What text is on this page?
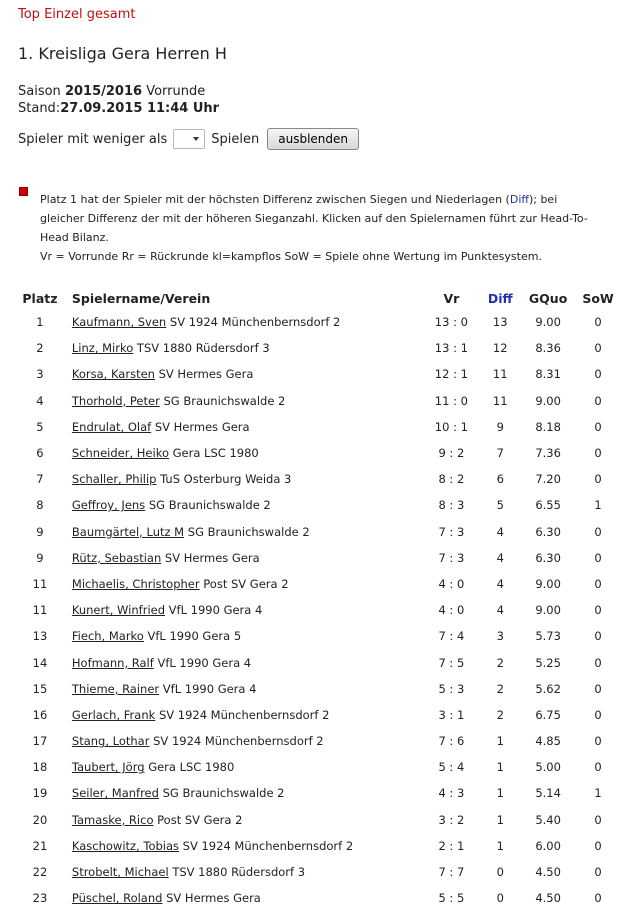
Top Einzel gesamt
1. Kreisliga Gera Herren H
Saison 2015/2016 Vorrunde
Stand:27.09.2015 11:44 Uhr
Spieler mit weniger als	Spielen	ausblenden
Platz 1 hat der Spieler mit der höchsten Differenz zwischen Siegen und Niederlagen (Diff); bei gleicher Differenz der mit der höheren Sieganzahl. Klicken auf den Spielernamen führt zur Head-To-Head Bilanz.
Vr = Vorrunde Rr = Rückrunde kl=kampflos SoW = Spiele ohne Wertung im Punktesystem.
Platz	Spielername/Verein	Vr	Diff	GQuo	SoW
1	Kaufmann, Sven SV 1924 Münchenbernsdorf 2	13 : 0	13	9.00	0
2	Linz, Mirko TSV 1880 Rüdersdorf 3	13 : 1	12	8.36	0
3	Korsa, Karsten SV Hermes Gera	12 : 1	11	8.31	0
4	Thorhold, Peter SG Braunichswalde 2	11 : 0	11	9.00	0
5	Endrulat, Olaf SV Hermes Gera	10 : 1	9	8.18	0
6	Schneider, Heiko Gera LSC 1980	9 : 2	7	7.36	0
7	Schaller, Philip TuS Osterburg Weida 3	8 : 2	6	7.20	0
8	Geffroy, Jens SG Braunichswalde 2	8 : 3	5	6.55	1
9	Baumgärtel, Lutz M SG Braunichswalde 2	7 : 3	4	6.30	0
9	Rütz, Sebastian SV Hermes Gera	7 : 3	4	6.30	0
11	Michaelis, Christopher Post SV Gera 2	4 : 0	4	9.00	0
11	Kunert, Winfried VfL 1990 Gera 4	4 : 0	4	9.00	0
13	Fiech, Marko VfL 1990 Gera 5	7 : 4	3	5.73	0
14	Hofmann, Ralf VfL 1990 Gera 4	7 : 5	2	5.25	0
15	Thieme, Rainer VfL 1990 Gera 4	5 : 3	2	5.62	0
16	Gerlach, Frank SV 1924 Münchenbernsdorf 2	3 : 1	2	6.75	0
17	Stang, Lothar SV 1924 Münchenbernsdorf 2	7 : 6	1	4.85	0
18	Taubert, Jörg Gera LSC 1980	5 : 4	1	5.00	0
19	Seiler, Manfred SG Braunichswalde 2	4 : 3	1	5.14	1
20	Tamaske, Rico Post SV Gera 2	3 : 2	1	5.40	0
21	Kaschowitz, Tobias SV 1924 Münchenbernsdorf 2	2 : 1	1	6.00	0
22	Strobelt, Michael TSV 1880 Rüdersdorf 3	7 : 7	0	4.50	0
23	Püschel, Roland SV Hermes Gera	5 : 5	0	4.50	0
